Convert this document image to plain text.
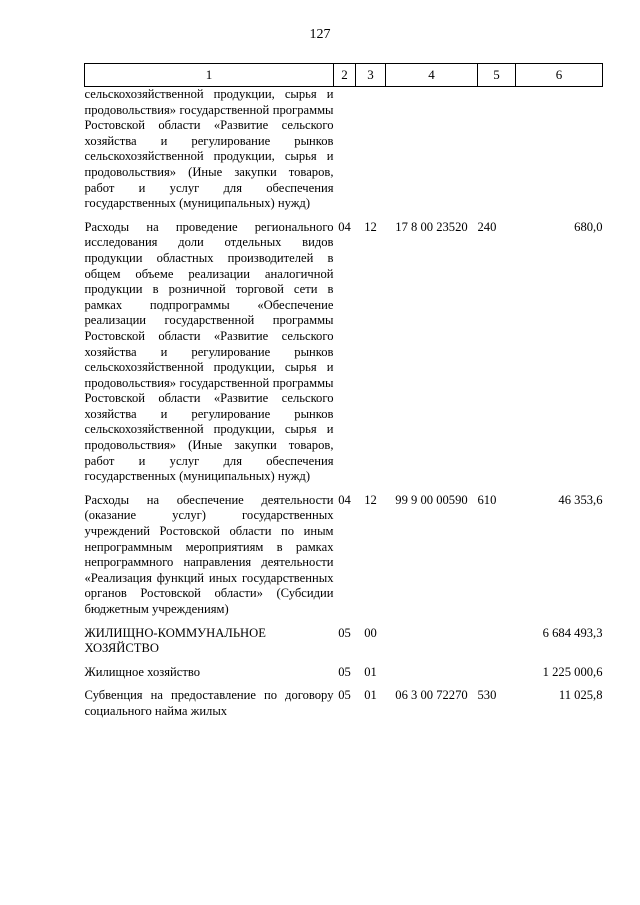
127
1	2	3	4	5	6
сельскохозяйственной продукции, сырья и продовольствия» государственной программы Ростовской области «Развитие сельского хозяйства и регулирование рынков сельскохозяйственной продукции, сырья и продовольствия» (Иные закупки товаров, работ и услуг для обеспечения государственных (муниципальных) нужд)					
Расходы на проведение регионального исследования доли отдельных видов продукции областных производителей в общем объеме реализации аналогичной продукции в розничной торговой сети в рамках подпрограммы «Обеспечение реализации государственной программы Ростовской области «Развитие сельского хозяйства и регулирование рынков сельскохозяйственной продукции, сырья и продовольствия» государственной программы Ростовской области «Развитие сельского хозяйства и регулирование рынков сельскохозяйственной продукции, сырья и продовольствия» (Иные закупки товаров, работ и услуг для обеспечения государственных (муниципальных) нужд)	04	12	17 8 00 23520	240	680,0
Расходы на обеспечение деятельности (оказание услуг) государственных учреждений Ростовской области по иным непрограммным мероприятиям в рамках непрограммного направления деятельности «Реализация функций иных государственных органов Ростовской области» (Субсидии бюджетным учреждениям)	04	12	99 9 00 00590	610	46 353,6
ЖИЛИЩНО-КОММУНАЛЬНОЕ ХОЗЯЙСТВО	05	00			6 684 493,3
Жилищное хозяйство	05	01			1 225 000,6
Субвенция на предоставление по договору социального найма жилых	05	01	06 3 00 72270	530	11 025,8
